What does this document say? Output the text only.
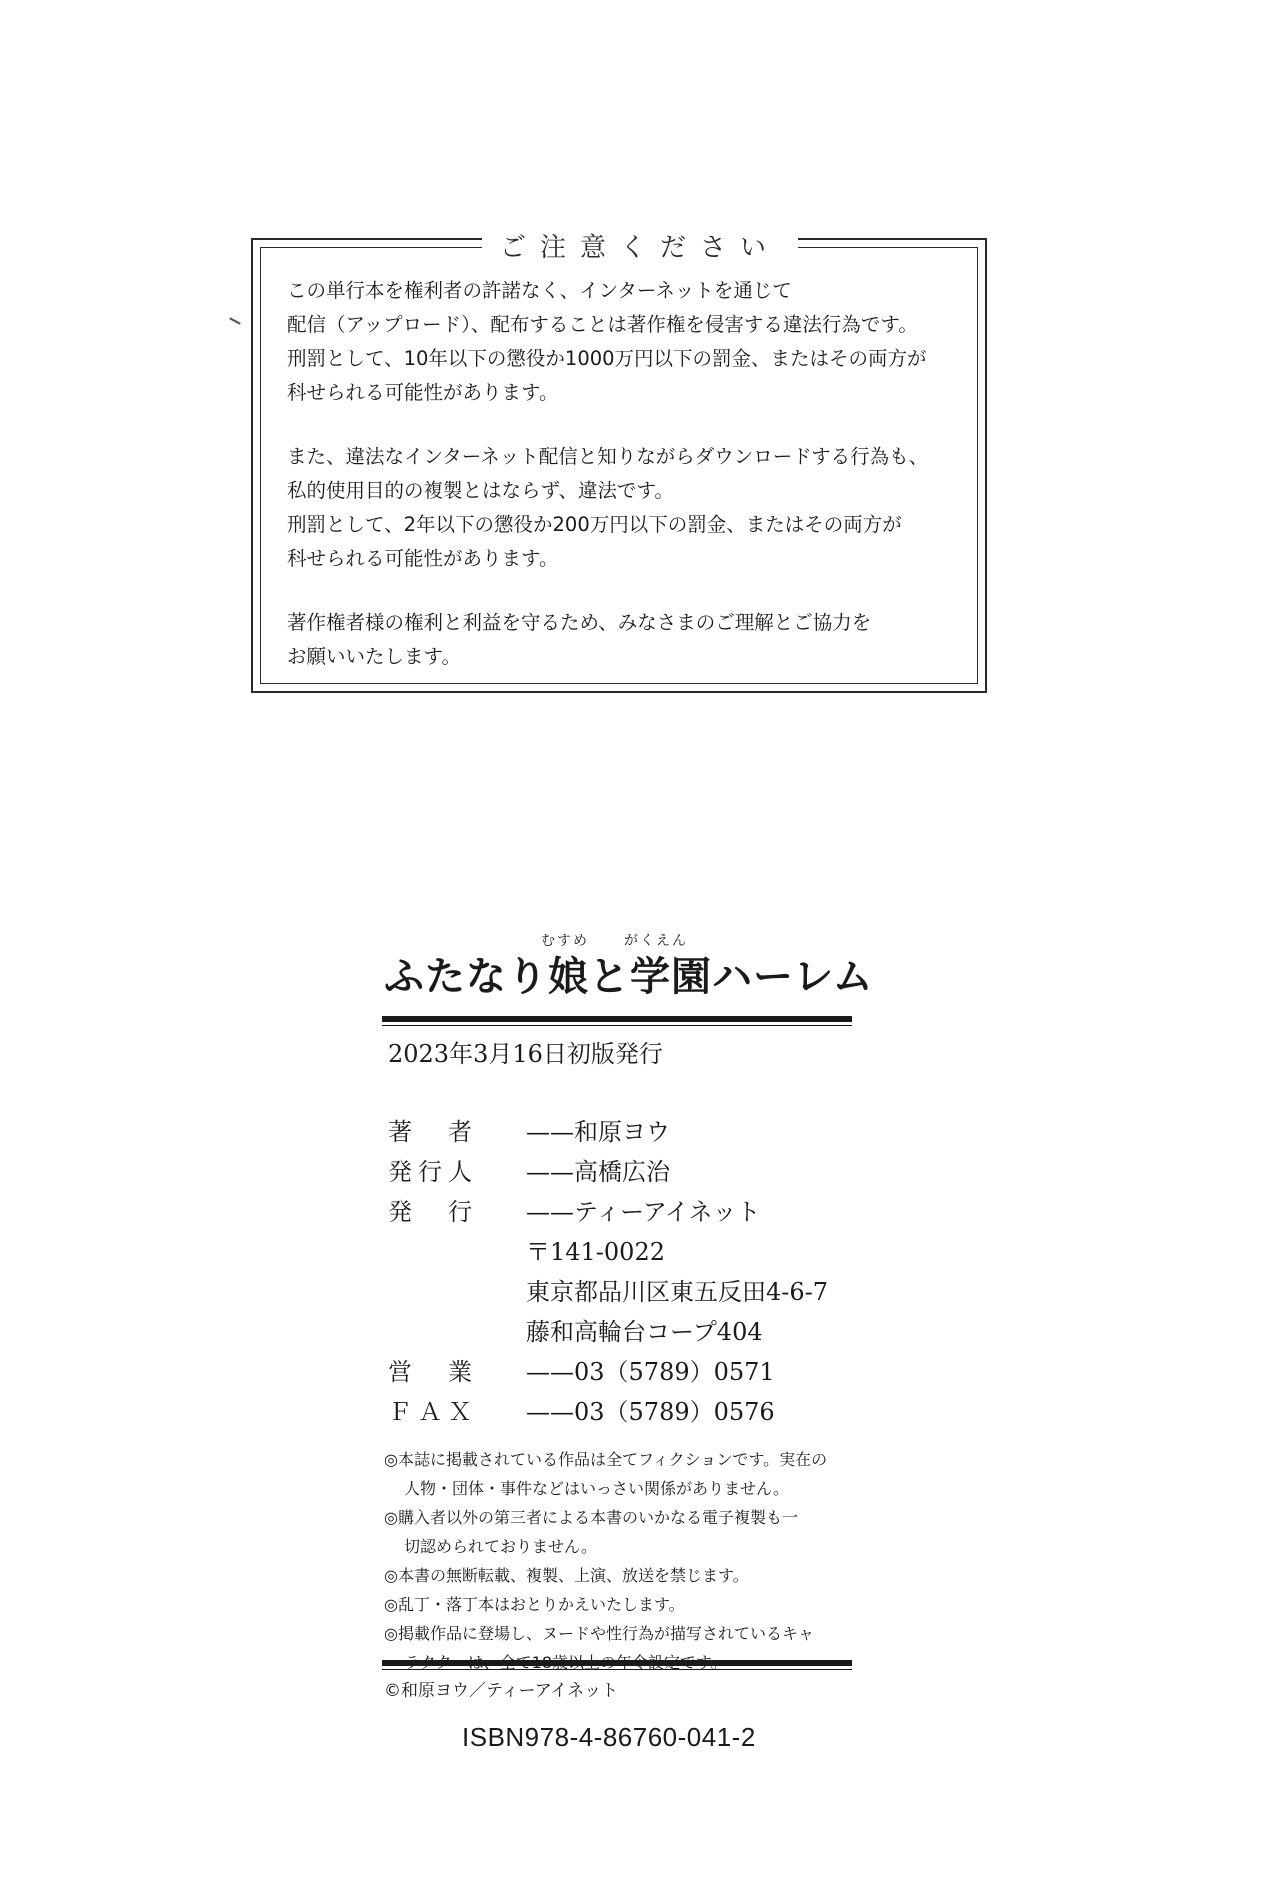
ご注意ください
この単行本を権利者の許諾なく、インターネットを通じて
配信（アップロード）、配布することは著作権を侵害する違法行為です。
刑罰として、10年以下の懲役か1000万円以下の罰金、またはその両方が
科せられる可能性があります。
また、違法なインターネット配信と知りながらダウンロードする行為も、
私的使用目的の複製とはならず、違法です。
刑罰として、2年以下の懲役か200万円以下の罰金、またはその両方が
科せられる可能性があります。
著作権者様の権利と利益を守るため、みなさまのご理解とご協力を
お願いいたします。
むすめ	がくえん
ふたなり娘と学園ハーレム
2023年3月16日初版発行
著　者	——和原ヨウ
発行人	——高橋広治
発　行	——ティーアイネット
〒141-0022
東京都品川区東五反田4-6-7
藤和高輪台コープ404
営　業	——03（5789）0571
ＦＡＸ	——03（5789）0576
◎本誌に掲載されている作品は全てフィクションです。実在の
人物・団体・事件などはいっさい関係がありません。
◎購入者以外の第三者による本書のいかなる電子複製も一
切認められておりません。
◎本書の無断転載、複製、上演、放送を禁じます。
◎乱丁・落丁本はおとりかえいたします。
◎掲載作品に登場し、ヌードや性行為が描写されているキャ
©和原ヨウ／ティーアイネット
ISBN978-4-86760-041-2
